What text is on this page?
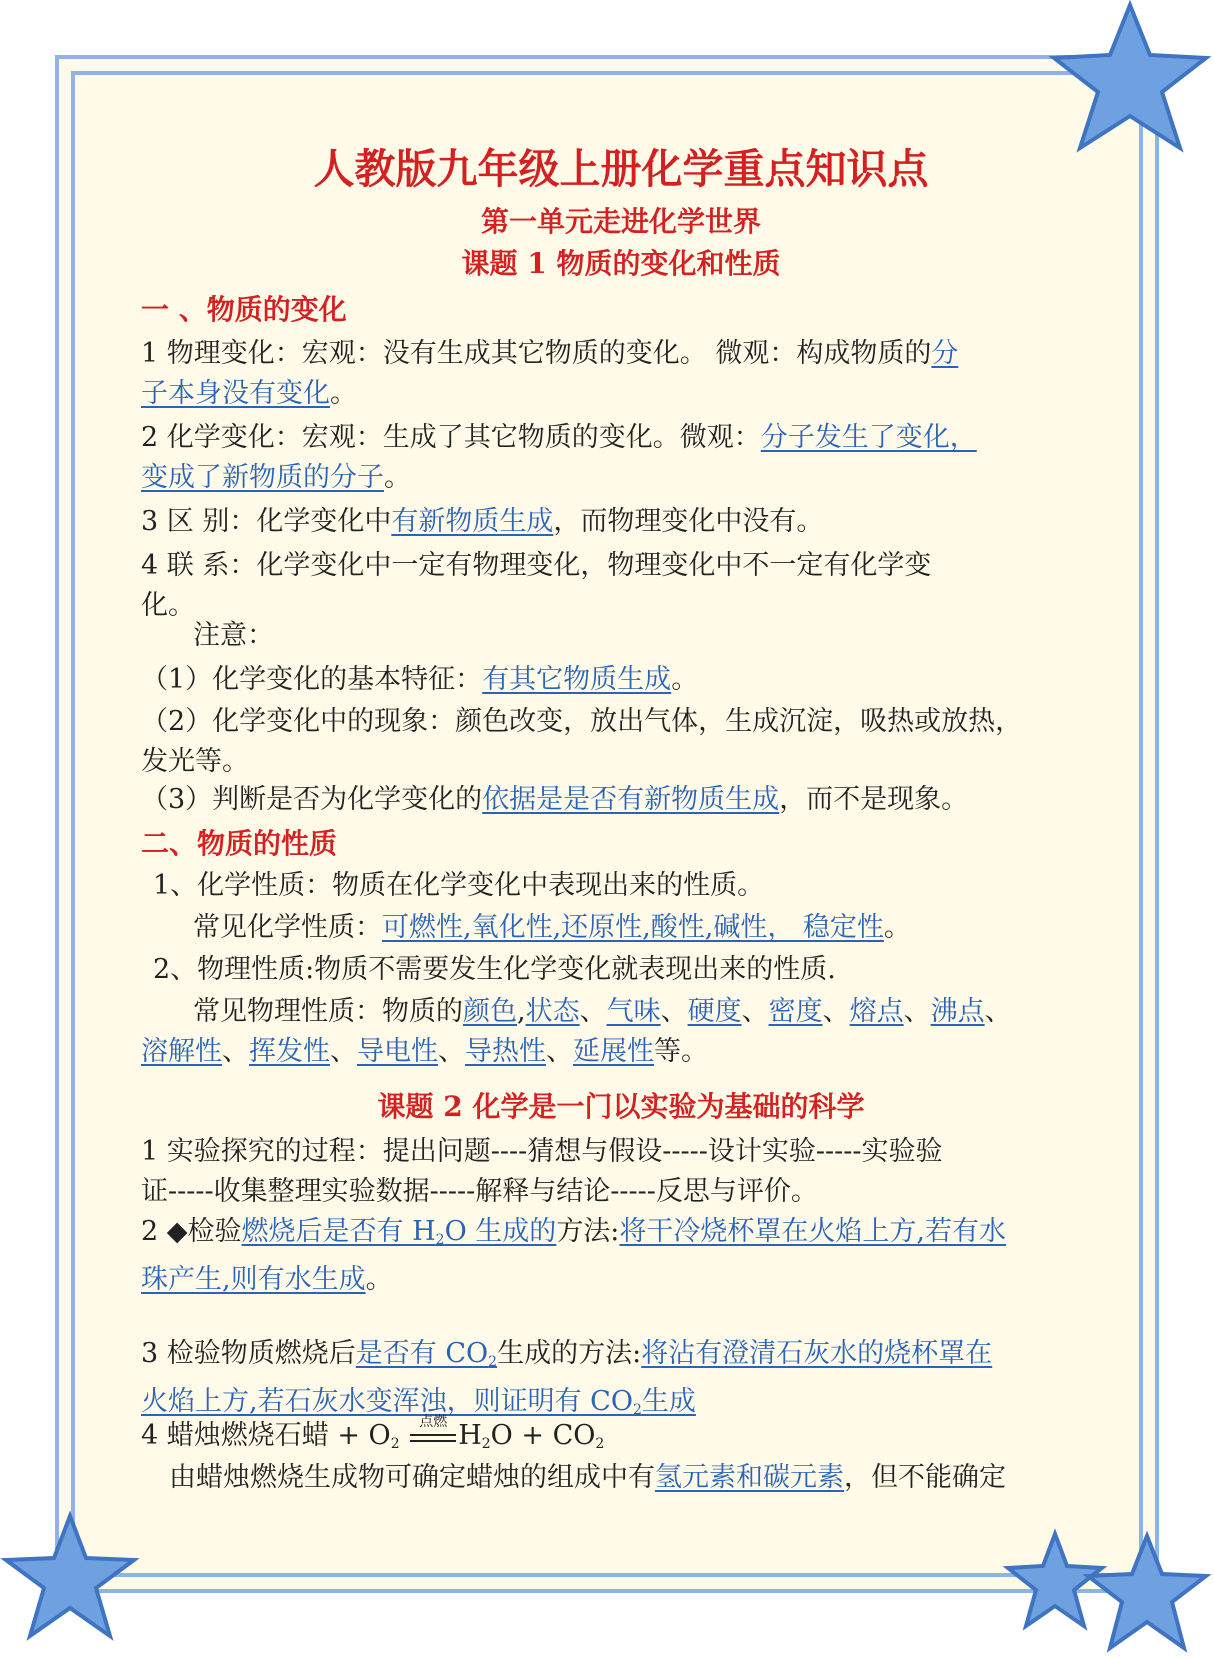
人教版九年级上册化学重点知识点
第一单元走进化学世界
课题 1 物质的变化和性质
一 、物质的变化
1 物理变化：宏观：没有生成其它物质的变化。 微观：构成物质的分
子本身没有变化。
2 化学变化：宏观：生成了其它物质的变化。微观：分子发生了变化，
变成了新物质的分子。
3 区 别：化学变化中有新物质生成，而物理变化中没有。
4 联 系：化学变化中一定有物理变化，物理变化中不一定有化学变
化。
注意：
（1）化学变化的基本特征：有其它物质生成。
（2）化学变化中的现象：颜色改变，放出气体，生成沉淀，吸热或放热，
发光等。
（3）判断是否为化学变化的依据是是否有新物质生成，而不是现象。
二、物质的性质
1、化学性质：物质在化学变化中表现出来的性质。
常见化学性质：可燃性,氧化性,还原性,酸性,碱性， 稳定性。
2、物理性质:物质不需要发生化学变化就表现出来的性质.
常见物理性质：物质的颜色,状态、气味、硬度、密度、熔点、沸点、
溶解性、挥发性、导电性、导热性、延展性等。
课题 2 化学是一门以实验为基础的科学
1 实验探究的过程：提出问题----猜想与假设-----设计实验-----实验验
证-----收集整理实验数据-----解释与结论-----反思与评价。
2 ◆检验燃烧后是否有 $H_2O$ 生成的方法:将干冷烧杯罩在火焰上方,若有水
珠产生,则有水生成。
3 检验物质燃烧后是否有 $CO_2$生成的方法:将沾有澄清石灰水的烧杯罩在
火焰上方,若石灰水变浑浊，则证明有 $CO_2$生成
4 蜡烛燃烧石蜡 + $O_2$
点燃 $H_2O + CO_2$
由蜡烛燃烧生成物可确定蜡烛的组成中有氢元素和碳元素，但不能确定
